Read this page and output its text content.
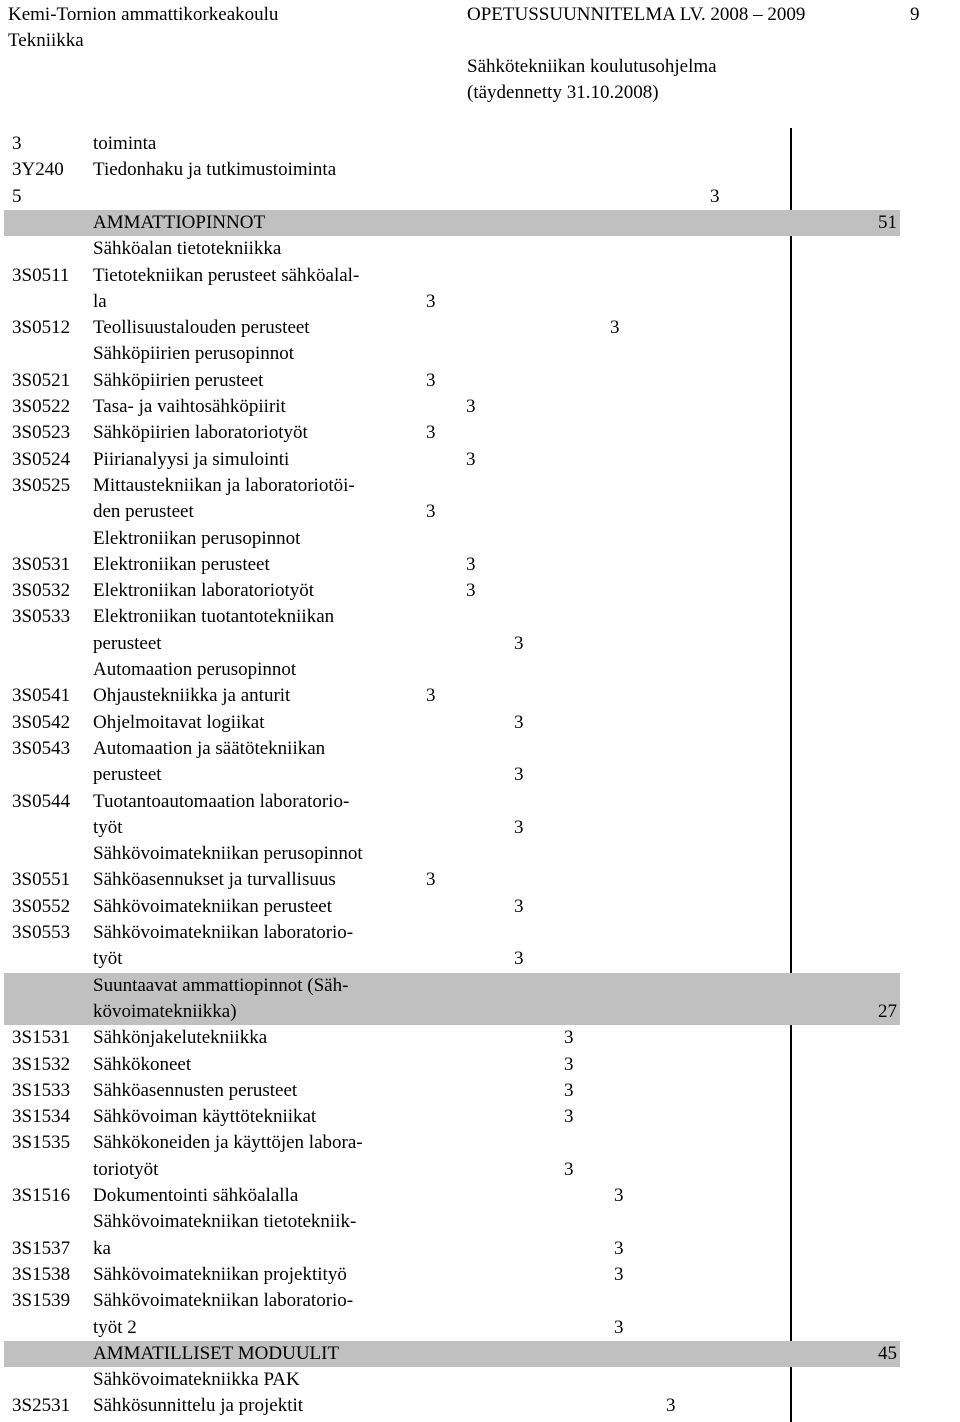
Kemi-Tornion ammattikorkeakoulu
Tekniikka
OPETUSSUUNNITELMA LV. 2008 – 2009	9
Sähkötekniikan koulutusohjelma
(täydennetty 31.10.2008)
3	toiminta
3Y240 Tiedonhaku ja tutkimustoiminta
5	3
AMMATTIOPINNOT	51
Sähköalan tietotekniikka
3S0511 Tietotekniikan perusteet sähköalal-
la	3
3S0512 Teollisuustalouden perusteet	3
Sähköpiirien perusopinnot
3S0521 Sähköpiirien perusteet	3
3S0522 Tasa- ja vaihtosähköpiirit	3
3S0523 Sähköpiirien laboratoriotyöt	3
3S0524 Piirianalyysi ja simulointi	3
3S0525 Mittaustekniikan ja laboratoriotöi-
den perusteet	3
Elektroniikan perusopinnot
3S0531 Elektroniikan perusteet	3
3S0532 Elektroniikan laboratoriotyöt	3
3S0533 Elektroniikan tuotantotekniikan
perusteet	3
Automaation perusopinnot
3S0541 Ohjaustekniikka ja anturit	3
3S0542 Ohjelmoitavat logiikat	3
3S0543 Automaation ja säätötekniikan
perusteet	3
3S0544 Tuotantoautomaation laboratorio-
työt	3
Sähkövoimatekniikan perusopinnot
3S0551 Sähköasennukset ja turvallisuus	3
3S0552 Sähkövoimatekniikan perusteet	3
3S0553 Sähkövoimatekniikan laboratorio-
työt	3
Suuntaavat ammattiopinnot (Säh-
kövoimatekniikka)	27
3S1531 Sähkönjakelutekniikka	3
3S1532 Sähkökoneet	3
3S1533 Sähköasennusten perusteet	3
3S1534 Sähkövoiman käyttötekniikat	3
3S1535 Sähkökoneiden ja käyttöjen labora-
toriotyöt	3
3S1516 Dokumentointi sähköalalla	3
Sähkövoimatekniikan tietotekniik-
3S1537 ka	3
3S1538 Sähkövoimatekniikan projektityö	3
3S1539 Sähkövoimatekniikan laboratorio-
työt 2	3
AMMATILLISET MODUULIT	45
Sähkövoimatekniikka PAK
3S2531 Sähkösunnittelu ja projektit	3
